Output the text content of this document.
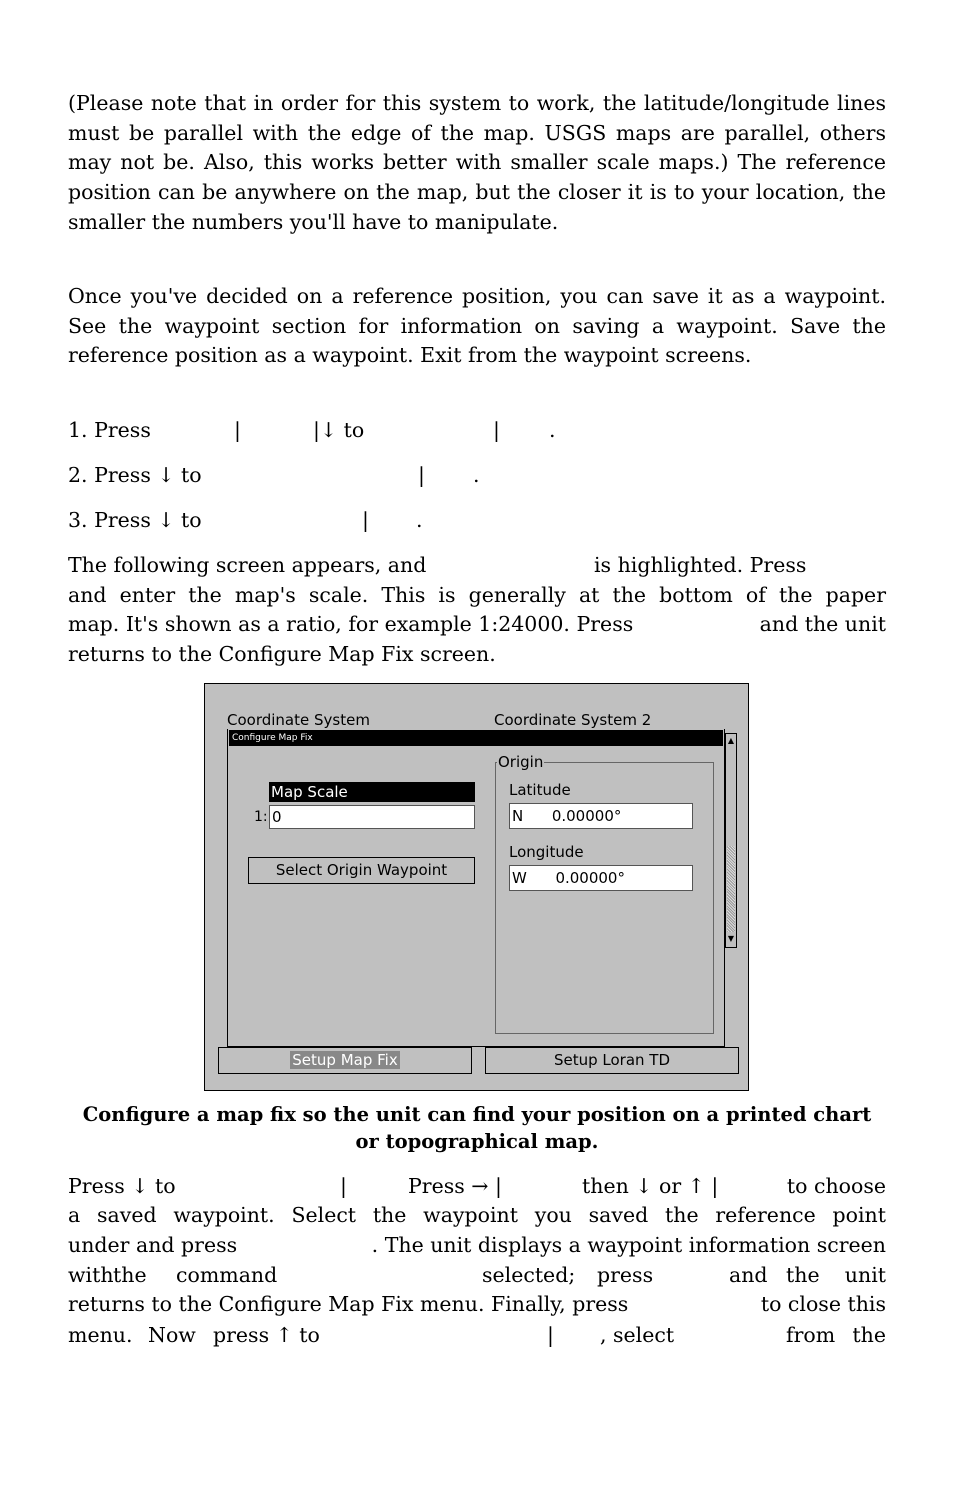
(Please note that in order for this system to work, the latitude/longitude lines must be parallel with the edge of the map. USGS maps are parallel, others may not be. Also, this works better with smaller scale maps.) The reference position can be anywhere on the map, but the closer it is to your location, the smaller the numbers you'll have to manipulate.

Once you've decided on a reference position, you can save it as a waypoint. See the waypoint section for information on saving a waypoint. Save the reference position as a waypoint. Exit from the waypoint screens.

1. Press

	|

	|↓ to

	|

.

2. Press ↓ to

	|

.

3. Press ↓ to

	|

.

The following screen appears, and	is highlighted. Press
and enter the map's scale. This is generally at the bottom of the paper
map. It's shown as a ratio, for example 1:24000. Press	and the unit
returns to the Configure Map Fix screen.
Coordinate System	Coordinate System 2
Configure Map Fix	▲
▼
Map Scale
1: 0
Select Origin Waypoint
Origin
Latitude
N      0.00000°
Longitude
W      0.00000°
Setup Map Fix	Setup Loran TD
Configure a map fix so the unit can find your position on a printed chart or topographical map.
Press ↓ to	|	Press → |	then ↓ or ↑ |	to choose
a saved waypoint. Select the waypoint you saved the reference point
under and press	. The unit displays a waypoint information screen
with the command	selected; press	and the unit
returns to the Configure Map Fix menu. Finally, press	to close this
menu. Now press ↑ to	| , select	from the
